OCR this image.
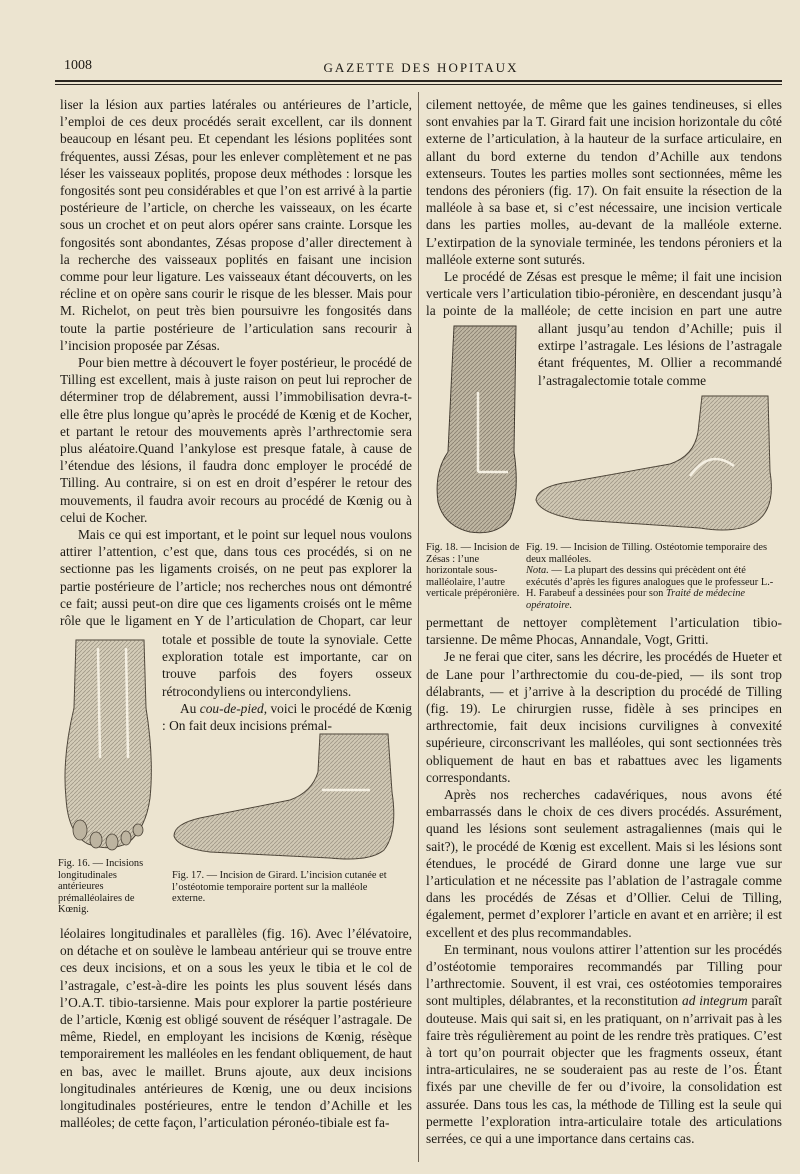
1008	GAZETTE DES HOPITAUX

liser la lésion aux parties latérales ou antérieures de l’article, l’emploi de ces deux procédés serait excellent, car ils donnent beaucoup en lésant peu. Et cependant les lésions poplitées sont fréquentes, aussi Zésas, pour les enlever complètement et ne pas léser les vaisseaux poplités, propose deux méthodes : lorsque les fongosités sont peu considérables et que l’on est arrivé à la partie postérieure de l’article, on cherche les vaisseaux, on les écarte sous un crochet et on peut alors opérer sans crainte. Lorsque les fongosités sont abondantes, Zésas propose d’aller directement à la recherche des vaisseaux poplités en faisant une incision comme pour leur ligature. Les vaisseaux étant découverts, on les récline et on opère sans courir le risque de les blesser. Mais pour M. Richelot, on peut très bien poursuivre les fongosités dans toute la partie postérieure de l’articulation sans recourir à l’incision proposée par Zésas.

Pour bien mettre à découvert le foyer postérieur, le procédé de Tilling est excellent, mais à juste raison on peut lui reprocher de déterminer trop de délabrement, aussi l’immobilisation devra-t-elle être plus longue qu’après le procédé de Kœnig et de Kocher, et partant le retour des mouvements après l’arthrectomie sera plus aléatoire.Quand l’ankylose est presque fatale, à cause de l’étendue des lésions, il faudra donc employer le procédé de Tilling. Au contraire, si on est en droit d’espérer le retour des mouvements, il faudra avoir recours au procédé de Kœnig ou à celui de Kocher.

Mais ce qui est important, et le point sur lequel nous voulons attirer l’attention, c’est que, dans tous ces procédés, si on ne sectionne pas les ligaments croisés, on ne peut pas explorer la partie postérieure de l’article; nos recherches nous ont démontré ce fait; aussi peut-on dire que ces ligaments croisés ont le même rôle que le ligament en Y de l’articulation de Chopart, car leur

totale et possible de toute la synoviale. Cette exploration totale est importante, car on trouve parfois des foyers osseux rétrocondyliens ou intercondyliens.

Au cou-de-pied, voici le procédé de Kœnig : On fait deux incisions prémal-

Fig. 16. — Incisions longitudinales antérieures prémalléolaires de Kœnig.
Fig. 17. — Incision de Girard. L’incision cutanée et l’ostéotomie temporaire portent sur la malléole externe.

léolaires longitudinales et parallèles (fig. 16). Avec l’élévatoire, on détache et on soulève le lambeau antérieur qui se trouve entre ces deux incisions, et on a sous les yeux le tibia et le col de l’astragale, c’est-à-dire les points les plus souvent lésés dans l’O.A.T. tibio-tarsienne. Mais pour explorer la partie postérieure de l’article, Kœnig est obligé souvent de réséquer l’astragale. De même, Riedel, en employant les incisions de Kœnig, résèque temporairement les malléoles en les fendant obliquement, de haut en bas, avec le maillet. Bruns ajoute, aux deux incisions longitudinales antérieures de Kœnig, une ou deux incisions longitudinales postérieures, entre le tendon d’Achille et les malléoles; de cette façon, l’articulation péronéo-tibiale est fa-

cilement nettoyée, de même que les gaines tendineuses, si elles sont envahies par la T. Girard fait une incision horizontale du côté externe de l’articulation, à la hauteur de la surface articulaire, en allant du bord externe du tendon d’Achille aux tendons extenseurs. Toutes les parties molles sont sectionnées, même les tendons des péroniers (fig. 17). On fait ensuite la résection de la malléole à sa base et, si c’est nécessaire, une incision verticale dans les parties molles, au-devant de la malléole externe. L’extirpation de la synoviale terminée, les tendons péroniers et la malléole externe sont suturés.

Le procédé de Zésas est presque le même; il fait une incision verticale vers l’articulation tibio-péronière, en descendant jusqu’à la pointe de la malléole; de cette incision en part une autre

allant jusqu’au tendon d’Achille; puis il extirpe l’astragale. Les lésions de l’astragale étant fréquentes, M. Ollier a recommandé l’astragalectomie totale comme

Fig. 18. — Incision de Zésas : l’une horizontale sous-malléolaire, l’autre verticale prépéronière.
Fig. 19. — Incision de Tilling. Ostéotomie temporaire des deux malléoles.
Nota. — La plupart des dessins qui précèdent ont été exécutés d’après les figures analogues que le professeur L.-H. Farabeuf a dessinées pour son Traité de médecine opératoire.

permettant de nettoyer complètement l’articulation tibio-tarsienne. De même Phocas, Annandale, Vogt, Gritti.

Je ne ferai que citer, sans les décrire, les procédés de Hueter et de Lane pour l’arthrectomie du cou-de-pied, — ils sont trop délabrants, — et j’arrive à la description du procédé de Tilling (fig. 19). Le chirurgien russe, fidèle à ses principes en arthrectomie, fait deux incisions curvilignes à convexité supérieure, circonscrivant les malléoles, qui sont sectionnées très obliquement de haut en bas et rabattues avec les ligaments correspondants.

Après nos recherches cadavériques, nous avons été embarrassés dans le choix de ces divers procédés. Assurément, quand les lésions sont seulement astragaliennes (mais qui le sait?), le procédé de Kœnig est excellent. Mais si les lésions sont étendues, le procédé de Girard donne une large vue sur l’articulation et ne nécessite pas l’ablation de l’astragale comme dans les procédés de Zésas et d’Ollier. Celui de Tilling, également, permet d’explorer l’article en avant et en arrière; il est excellent et des plus recommandables.

En terminant, nous voulons attirer l’attention sur les procédés d’ostéotomie temporaires recommandés par Tilling pour l’arthrectomie. Souvent, il est vrai, ces ostéotomies temporaires sont multiples, délabrantes, et la reconstitution ad integrum paraît douteuse. Mais qui sait si, en les pratiquant, on n’arrivait pas à les faire très régulièrement au point de les rendre très pratiques. C’est à tort qu’on pourrait objecter que les fragments osseux, étant intra-articulaires, ne se souderaient pas au reste de l’os. Étant fixés par une cheville de fer ou d’ivoire, la consolidation est assurée. Dans tous les cas, la méthode de Tilling est la seule qui permette l’exploration intra-articulaire totale des articulations serrées, ce qui a une importance dans certains cas.
